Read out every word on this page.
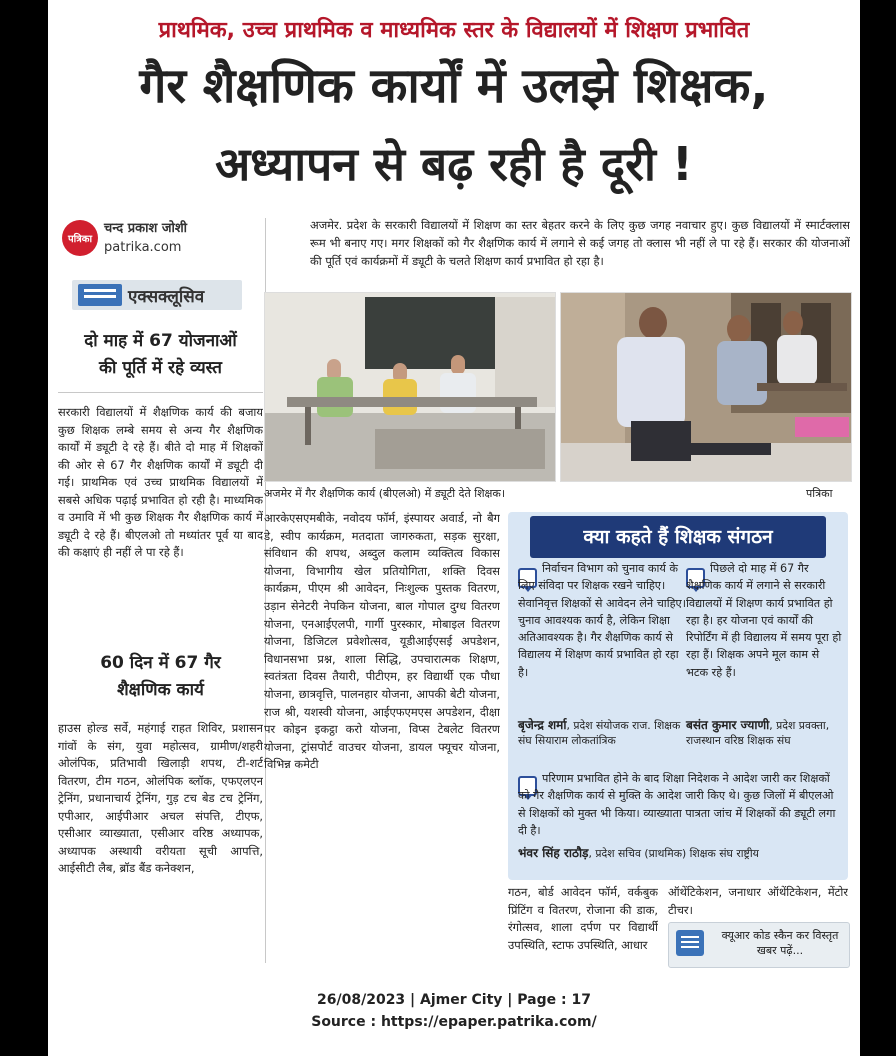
प्राथमिक, उच्च प्राथमिक व माध्यमिक स्तर के विद्यालयों में शिक्षण प्रभावित
गैर शैक्षणिक कार्यों में उलझे शिक्षक,
अध्यापन से बढ़ रही है दूरी !
पत्रिका
चन्द प्रकाश जोशी
patrika.com
एक्सक्लूसिव
दो माह में 67 योजनाओं
की पूर्ति में रहे व्यस्त
सरकारी विद्यालयों में शैक्षणिक कार्य की बजाय कुछ शिक्षक लम्बे समय से अन्य गैर शैक्षणिक कार्यों में ड्यूटी दे रहे हैं। बीते दो माह में शिक्षकों की ओर से 67 गैर शैक्षणिक कार्यों में ड्यूटी दी गई। प्राथमिक एवं उच्च प्राथमिक विद्यालयों में सबसे अधिक पढ़ाई प्रभावित हो रही है। माध्यमिक व उमावि में भी कुछ शिक्षक गैर शैक्षणिक कार्य में ड्यूटी दे रहे हैं। बीएलओ तो मध्यांतर पूर्व या बाद की कक्षाएं ही नहीं ले पा रहे हैं।
60 दिन में 67 गैर
शैक्षणिक कार्य
हाउस होल्ड सर्वे, महंगाई राहत शिविर, प्रशासन गांवों के संग, युवा महोत्सव, ग्रामीण/शहरी ओलंपिक, प्रतिभावी खिलाड़ी शपथ, टी-शर्ट वितरण, टीम गठन, ओलंपिक ब्लॉक, एफएलएन ट्रेनिंग, प्रधानाचार्य ट्रेनिंग, गुड़ टच बेड टच ट्रेनिंग, एपीआर, आईपीआर अचल संपत्ति, टीएफ, एसीआर व्याख्याता, एसीआर वरिष्ठ अध्यापक, अध्यापक अस्थायी वरीयता सूची आपत्ति, आईसीटी लैब, ब्रॉड बैंड कनेक्शन,
अजमेर. प्रदेश के सरकारी विद्यालयों में शिक्षण का स्तर बेहतर करने के लिए कुछ जगह नवाचार हुए। कुछ विद्यालयों में स्मार्टक्लास रूम भी बनाए गए। मगर शिक्षकों को गैर शैक्षणिक कार्य में लगाने से कई जगह तो क्लास भी नहीं ले पा रहे हैं। सरकार की योजनाओं की पूर्ति एवं कार्यक्रमों में ड्यूटी के चलते शिक्षण कार्य प्रभावित हो रहा है।
अजमेर में गैर शैक्षणिक कार्य (बीएलओ) में ड्यूटी देते शिक्षक।	पत्रिका
आरकेएसएमबीके, नवोदय फॉर्म, इंस्पायर अवार्ड, नो बैग डे, स्वीप कार्यक्रम, मतदाता जागरुकता, सड़क सुरक्षा, संविधान की शपथ, अब्दुल कलाम व्यक्तित्व विकास योजना, विभागीय खेल प्रतियोगिता, शक्ति दिवस कार्यक्रम, पीएम श्री आवेदन, निःशुल्क पुस्तक वितरण, उड़ान सेनेटरी नेपकिन योजना, बाल गोपाल दुग्ध वितरण योजना, एनआईएलपी, गार्गी पुरस्कार, मोबाइल वितरण योजना, डिजिटल प्रवेशोत्सव, यूडीआईएसई अपडेशन, विधानसभा प्रश्न, शाला सिद्धि, उपचारात्मक शिक्षण, स्वतंत्रता दिवस तैयारी, पीटीएम, हर विद्यार्थी एक पौधा योजना, छात्रवृत्ति, पालनहार योजना, आपकी बेटी योजना, राज श्री, यशस्वी योजना, आईएफएमएस अपडेशन, दीक्षा पर कोइन इकट्ठा करो योजना, विप्स टेबलेट वितरण योजना, ट्रांसपोर्ट वाउचर योजना, डायल फ्यूचर योजना, विभिन्न कमेटी
क्या कहते हैं शिक्षक संगठन
निर्वाचन विभाग को चुनाव कार्य के लिए संविदा पर शिक्षक रखने चाहिए। सेवानिवृत्त शिक्षकों से आवेदन लेने चाहिए। चुनाव आवश्यक कार्य है, लेकिन शिक्षा अतिआवश्यक है। गैर शैक्षणिक कार्य से विद्यालय में शिक्षण कार्य प्रभावित हो रहा है।
बृजेन्द्र शर्मा, प्रदेश संयोजक राज. शिक्षक संघ सियाराम लोकतांत्रिक
पिछले दो माह में 67 गैर शैक्षणिक कार्य में लगाने से सरकारी विद्यालयों में शिक्षण कार्य प्रभावित हो रहा है। हर योजना एवं कार्यों की रिपोर्टिंग में ही विद्यालय में समय पूरा हो रहा हैं। शिक्षक अपने मूल काम से भटक रहे हैं।
बसंत कुमार ज्याणी, प्रदेश प्रवक्ता, राजस्थान वरिष्ठ शिक्षक संघ
परिणाम प्रभावित होने के बाद शिक्षा निदेशक ने आदेश जारी कर शिक्षकों को गैर शैक्षणिक कार्य से मुक्ति के आदेश जारी किए थे। कुछ जिलों में बीएलओ से शिक्षकों को मुक्त भी किया। व्याख्याता पात्रता जांच में शिक्षकों की ड्यूटी लगा दी है।
भंवर सिंह राठौड़, प्रदेश सचिव (प्राथमिक) शिक्षक संघ राष्ट्रीय
गठन, बोर्ड आवेदन फॉर्म, वर्कबुक प्रिंटिंग व वितरण, रोजाना की डाक, रंगोत्सव, शाला दर्पण पर विद्यार्थी उपस्थिति, स्टाफ उपस्थिति, आधार
ऑथेंटिकेशन, जनाधार ऑथेंटिकेशन, मेंटोर टीचर।
क्यूआर कोड स्कैन कर विस्तृत खबर पढ़ें...
26/08/2023 | Ajmer City | Page : 17
Source : https://epaper.patrika.com/
